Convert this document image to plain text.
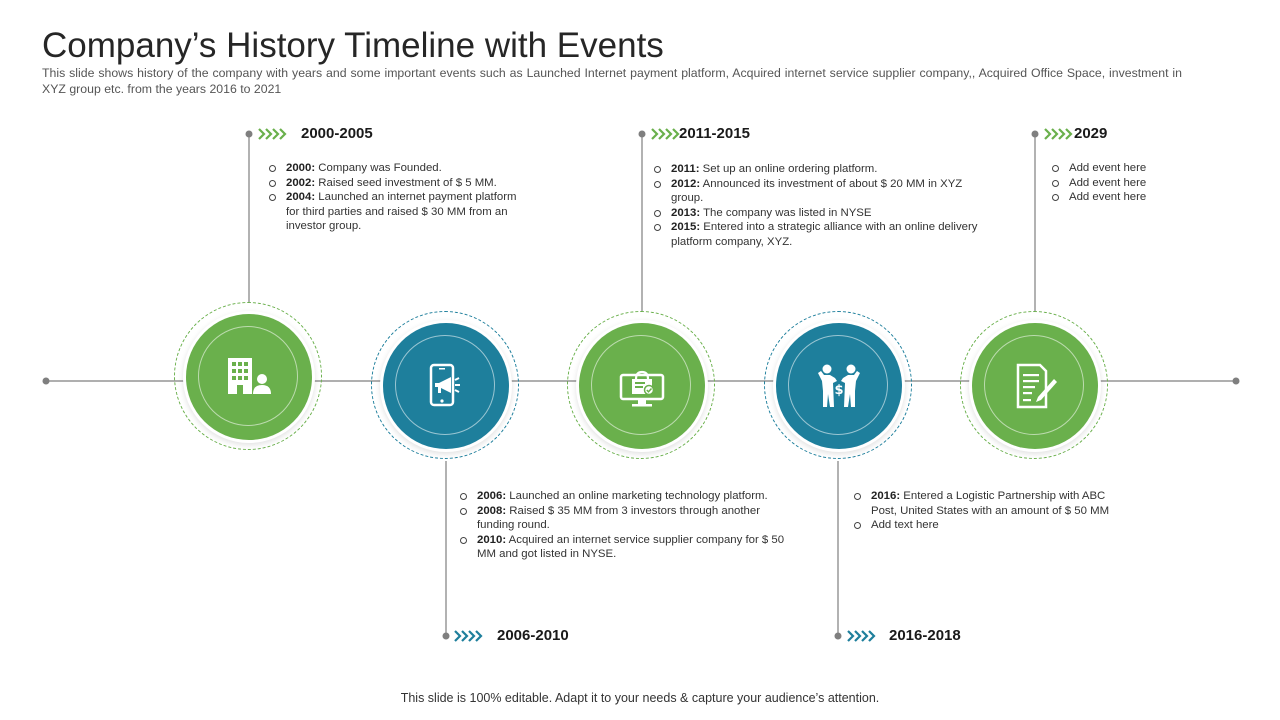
Company’s History Timeline with Events

This slide shows history of the company with years and some important events such as Launched Internet payment platform, Acquired internet service supplier company,, Acquired Office Space, investment in XYZ group etc. from the years 2016 to 2021

2000-2005
2006-2010
2011-2015
2016-2018
2029
2000: Company was Founded.
2002: Raised seed investment of $ 5 MM.
2004: Launched an internet payment platform for third parties and raised $ 30 MM from an investor group.
2006: Launched an online marketing technology platform.
2008: Raised $ 35 MM from 3 investors through another funding round.
2010: Acquired an internet service supplier company for $ 50 MM and got listed in NYSE.
2011: Set up an online ordering platform.
2012: Announced its investment of about $ 20 MM in XYZ group.
2013: The company was listed in NYSE
2015: Entered into a strategic alliance with an online delivery platform company, XYZ.
2016: Entered a Logistic Partnership with ABC Post, United States with an amount of $ 50 MM
Add text here
Add event here
Add event here
Add event here
$
This slide is 100% editable. Adapt it to your needs & capture your audience’s attention.
